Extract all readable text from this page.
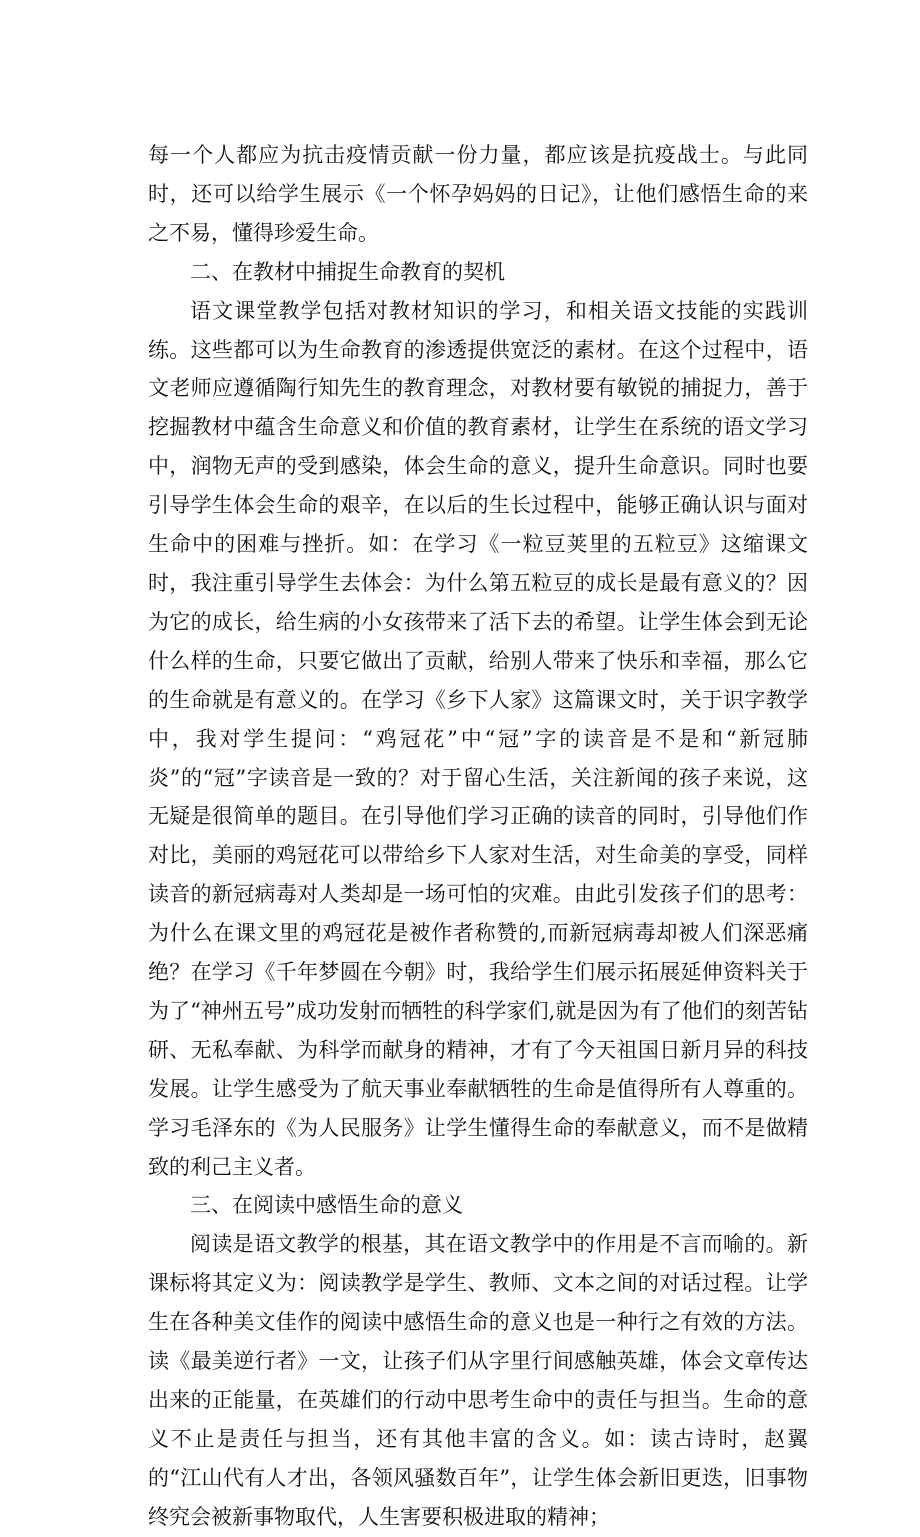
每一个人都应为抗击疫情贡献一份力量，都应该是抗疫战士。与此同时，还可以给学生展示《一个怀孕妈妈的日记》，让他们感悟生命的来之不易，懂得珍爱生命。

二、在教材中捕捉生命教育的契机

语文课堂教学包括对教材知识的学习，和相关语文技能的实践训练。这些都可以为生命教育的渗透提供宽泛的素材。在这个过程中，语文老师应遵循陶行知先生的教育理念，对教材要有敏锐的捕捉力，善于挖掘教材中蕴含生命意义和价值的教育素材，让学生在系统的语文学习中，润物无声的受到感染，体会生命的意义，提升生命意识。同时也要引导学生体会生命的艰辛，在以后的生长过程中，能够正确认识与面对生命中的困难与挫折。如：在学习《一粒豆荚里的五粒豆》这缩课文时，我注重引导学生去体会：为什么第五粒豆的成长是最有意义的？因为它的成长，给生病的小女孩带来了活下去的希望。让学生体会到无论什么样的生命，只要它做出了贡献，给别人带来了快乐和幸福，那么它的生命就是有意义的。在学习《乡下人家》这篇课文时，关于识字教学中，我对学生提问：“鸡冠花”中“冠”字的读音是不是和“新冠肺炎”的“冠”字读音是一致的？对于留心生活，关注新闻的孩子来说，这无疑是很简单的题目。在引导他们学习正确的读音的同时，引导他们作对比，美丽的鸡冠花可以带给乡下人家对生活，对生命美的享受，同样读音的新冠病毒对人类却是一场可怕的灾难。由此引发孩子们的思考：为什么在课文里的鸡冠花是被作者称赞的,而新冠病毒却被人们深恶痛绝？在学习《千年梦圆在今朝》时，我给学生们展示拓展延伸资料关于为了“神州五号”成功发射而牺牲的科学家们,就是因为有了他们的刻苦钻研、无私奉献、为科学而献身的精神，才有了今天祖国日新月异的科技发展。让学生感受为了航天事业奉献牺牲的生命是值得所有人尊重的。学习毛泽东的《为人民服务》让学生懂得生命的奉献意义，而不是做精致的利己主义者。

三、在阅读中感悟生命的意义

阅读是语文教学的根基，其在语文教学中的作用是不言而喻的。新课标将其定义为：阅读教学是学生、教师、文本之间的对话过程。让学生在各种美文佳作的阅读中感悟生命的意义也是一种行之有效的方法。读《最美逆行者》一文，让孩子们从字里行间感触英雄，体会文章传达出来的正能量，在英雄们的行动中思考生命中的责任与担当。生命的意义不止是责任与担当，还有其他丰富的含义。如：读古诗时，赵翼的“江山代有人才出，各领风骚数百年”，让学生体会新旧更迭，旧事物终究会被新事物取代，人生害要积极进取的精神；
